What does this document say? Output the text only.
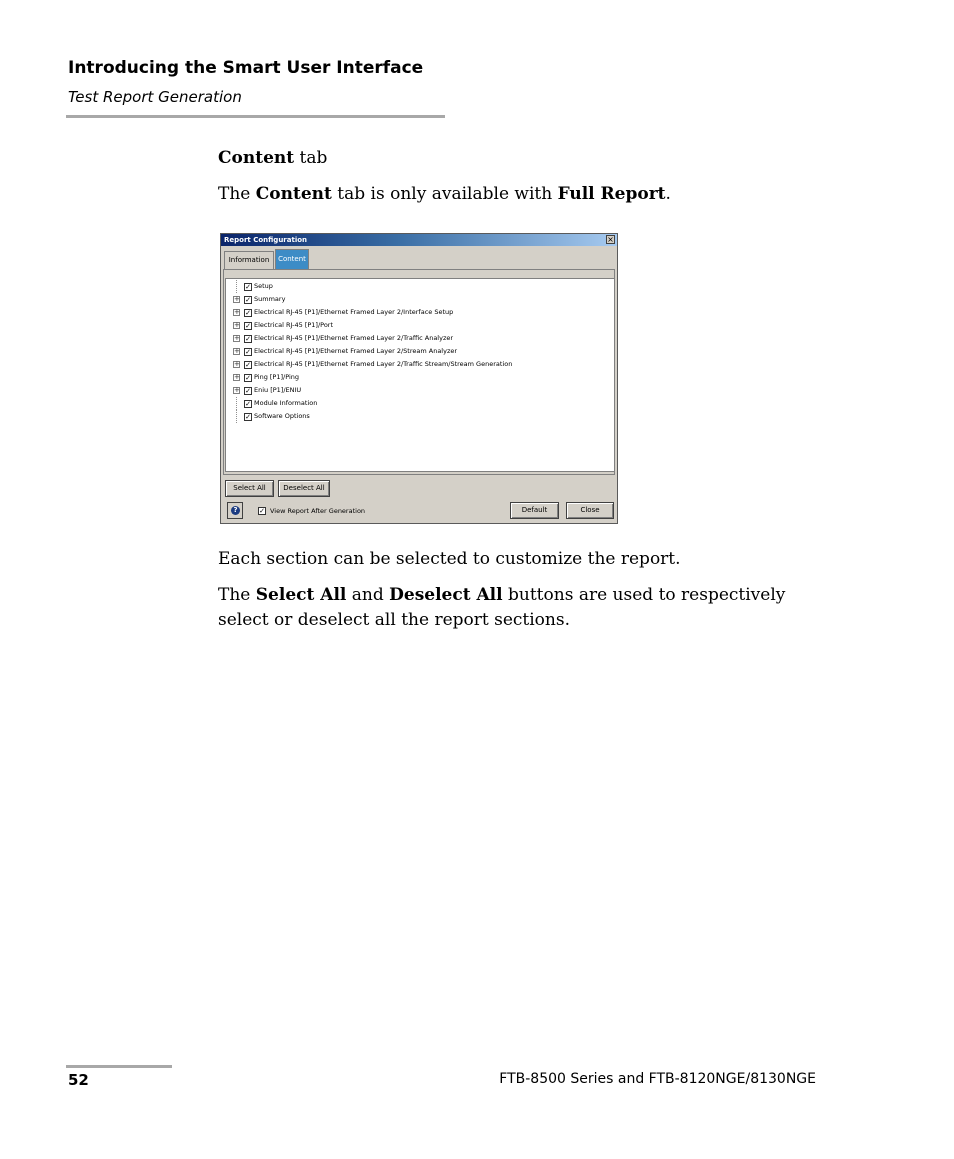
Introducing the Smart User Interface
Test Report Generation
Content tab
The Content tab is only available with Full Report.
Report Configuration	×
Information	Content
✓ Setup
+ ✓ Summary
+ ✓ Electrical RJ-45 [P1]/Ethernet Framed Layer 2/Interface Setup
+ ✓ Electrical RJ-45 [P1]/Port
+ ✓ Electrical RJ-45 [P1]/Ethernet Framed Layer 2/Traffic Analyzer
+ ✓ Electrical RJ-45 [P1]/Ethernet Framed Layer 2/Stream Analyzer
+ ✓ Electrical RJ-45 [P1]/Ethernet Framed Layer 2/Traffic Stream/Stream Generation
+ ✓ Ping [P1]/Ping
+ ✓ Eniu [P1]/ENIU
✓ Module Information
✓ Software Options
Select All	Deselect All
?	✓ View Report After Generation	Default	Close
Each section can be selected to customize the report.
The Select All and Deselect All buttons are used to respectively select or deselect all the report sections.
52	FTB-8500 Series and FTB-8120NGE/8130NGE
